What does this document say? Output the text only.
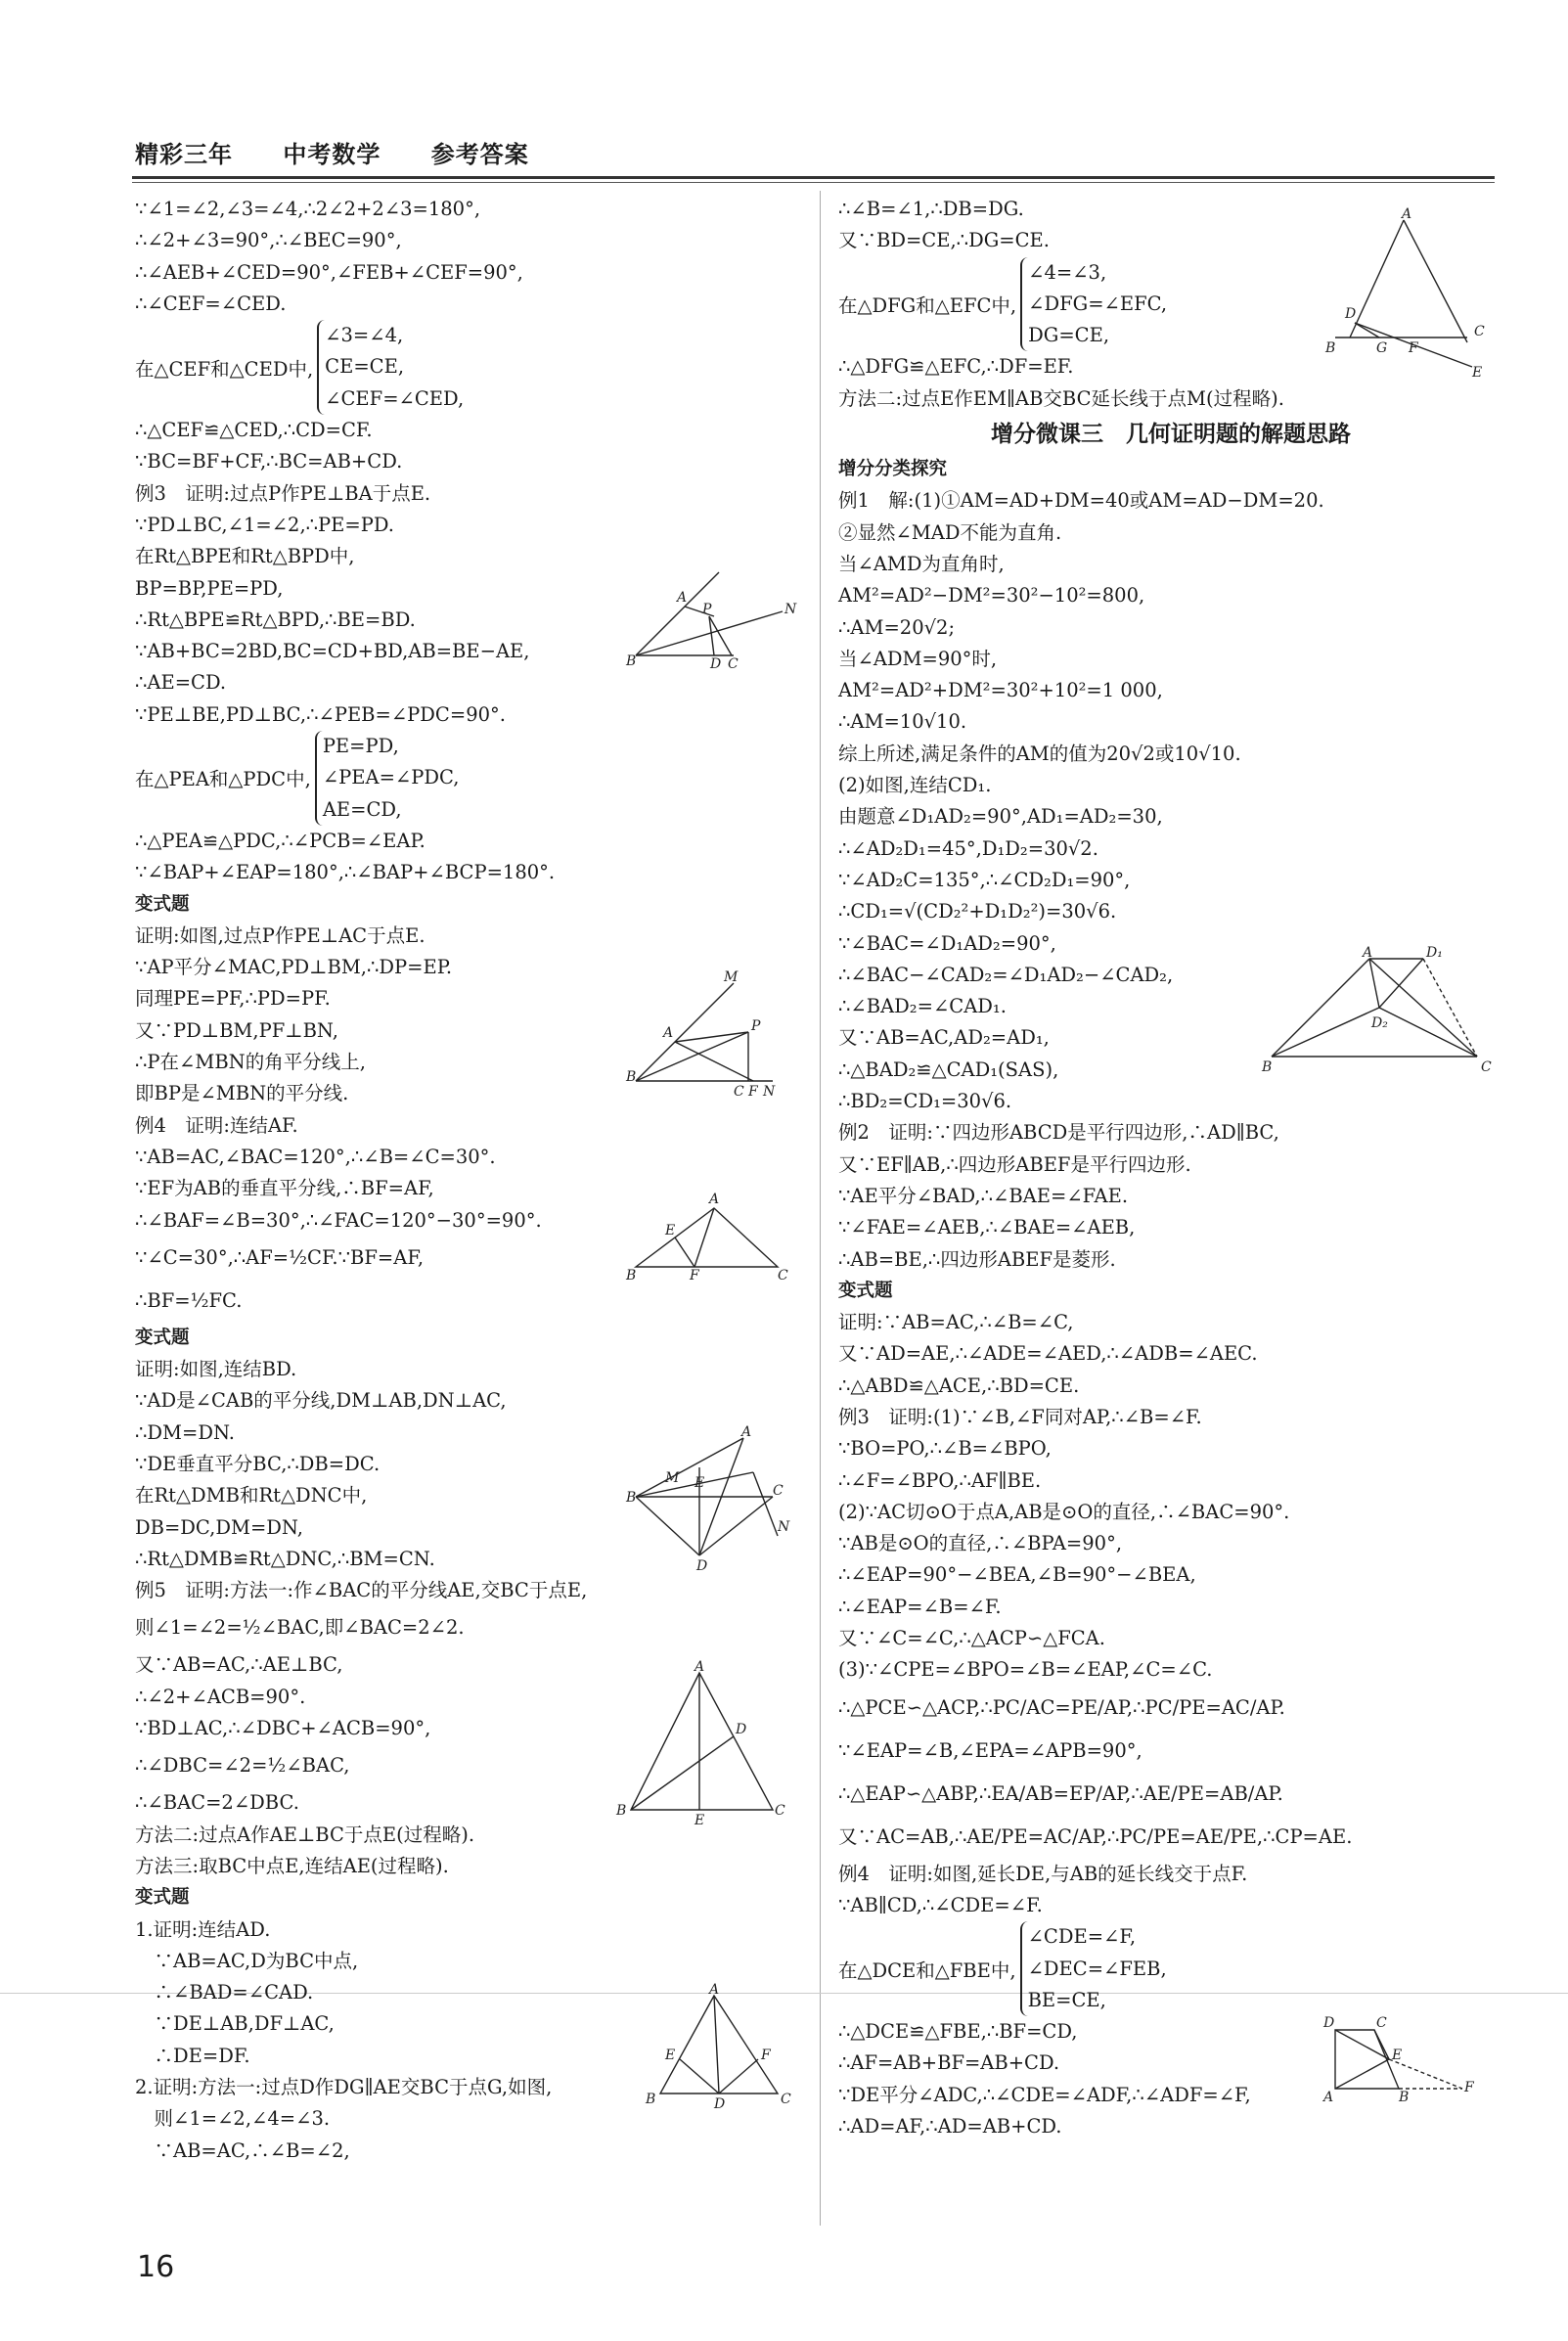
精彩三年 中考数学 参考答案
∵∠1=∠2,∠3=∠4,∴2∠2+2∠3=180°,
∴∠2+∠3=90°,∴∠BEC=90°,
∴∠AEB+∠CED=90°,∠FEB+∠CEF=90°,
∴∠CEF=∠CED.
在△CEF和△CED中,
∠3=∠4,
CE=CE,
∠CEF=∠CED,
∴△CEF≌△CED,∴CD=CF.
∵BC=BF+CF,∴BC=AB+CD.
例3　证明:过点P作PE⊥BA于点E.
∵PD⊥BC,∠1=∠2,∴PE=PD.
在Rt△BPE和Rt△BPD中,
BP=BP,PE=PD,
∴Rt△BPE≌Rt△BPD,∴BE=BD.
∵AB+BC=2BD,BC=CD+BD,AB=BE−AE,
∴AE=CD.
∵PE⊥BE,PD⊥BC,∴∠PEB=∠PDC=90°.
在△PEA和△PDC中,
PE=PD,
∠PEA=∠PDC,
AE=CD,
∴△PEA≌△PDC,∴∠PCB=∠EAP.
∵∠BAP+∠EAP=180°,∴∠BAP+∠BCP=180°.
变式题
证明:如图,过点P作PE⊥AC于点E.
∵AP平分∠MAC,PD⊥BM,∴DP=EP.
同理PE=PF,∴PD=PF.
又∵PD⊥BM,PF⊥BN,
∴P在∠MBN的角平分线上,
即BP是∠MBN的平分线.
例4　证明:连结AF.
∵AB=AC,∠BAC=120°,∴∠B=∠C=30°.
∵EF为AB的垂直平分线,∴BF=AF,
∴∠BAF=∠B=30°,∴∠FAC=120°−30°=90°.
∵∠C=30°,∴AF=½CF.∵BF=AF,
∴BF=½FC.
变式题
证明:如图,连结BD.
∵AD是∠CAB的平分线,DM⊥AB,DN⊥AC,
∴DM=DN.
∵DE垂直平分BC,∴DB=DC.
在Rt△DMB和Rt△DNC中,
DB=DC,DM=DN,
∴Rt△DMB≌Rt△DNC,∴BM=CN.
例5　证明:方法一:作∠BAC的平分线AE,交BC于点E,
则∠1=∠2=½∠BAC,即∠BAC=2∠2.
又∵AB=AC,∴AE⊥BC,
∴∠2+∠ACB=90°.
∵BD⊥AC,∴∠DBC+∠ACB=90°,
∴∠DBC=∠2=½∠BAC,
∴∠BAC=2∠DBC.
方法二:过点A作AE⊥BC于点E(过程略).
方法三:取BC中点E,连结AE(过程略).
变式题
1.证明:连结AD.
　∵AB=AC,D为BC中点,
　∴∠BAD=∠CAD.
　∵DE⊥AB,DF⊥AC,
　∴DE=DF.
2.证明:方法一:过点D作DG∥AE交BC于点G,如图,
　则∠1=∠2,∠4=∠3.
　∵AB=AC,∴∠B=∠2,
∴∠B=∠1,∴DB=DG.
又∵BD=CE,∴DG=CE.
在△DFG和△EFC中,
∠4=∠3,
∠DFG=∠EFC,
DG=CE,
∴△DFG≌△EFC,∴DF=EF.
方法二:过点E作EM∥AB交BC延长线于点M(过程略).
增分微课三　几何证明题的解题思路
增分分类探究
例1　解:(1)①AM=AD+DM=40或AM=AD−DM=20.
②显然∠MAD不能为直角.
当∠AMD为直角时,
AM²=AD²−DM²=30²−10²=800,
∴AM=20√2;
当∠ADM=90°时,
AM²=AD²+DM²=30²+10²=1 000,
∴AM=10√10.
综上所述,满足条件的AM的值为20√2或10√10.
(2)如图,连结CD₁.
由题意∠D₁AD₂=90°,AD₁=AD₂=30,
∴∠AD₂D₁=45°,D₁D₂=30√2.
∵∠AD₂C=135°,∴∠CD₂D₁=90°,
∴CD₁=√(CD₂²+D₁D₂²)=30√6.
∵∠BAC=∠D₁AD₂=90°,
∴∠BAC−∠CAD₂=∠D₁AD₂−∠CAD₂,
∴∠BAD₂=∠CAD₁.
又∵AB=AC,AD₂=AD₁,
∴△BAD₂≌△CAD₁(SAS),
∴BD₂=CD₁=30√6.
例2　证明:∵四边形ABCD是平行四边形,∴AD∥BC,
又∵EF∥AB,∴四边形ABEF是平行四边形.
∵AE平分∠BAD,∴∠BAE=∠FAE.
∵∠FAE=∠AEB,∴∠BAE=∠AEB,
∴AB=BE,∴四边形ABEF是菱形.
变式题
证明:∵AB=AC,∴∠B=∠C,
又∵AD=AE,∴∠ADE=∠AED,∴∠ADB=∠AEC.
∴△ABD≌△ACE,∴BD=CE.
例3　证明:(1)∵∠B,∠F同对AP,∴∠B=∠F.
∵BO=PO,∴∠B=∠BPO,
∴∠F=∠BPO,∴AF∥BE.
(2)∵AC切⊙O于点A,AB是⊙O的直径,∴∠BAC=90°.
∵AB是⊙O的直径,∴∠BPA=90°,
∴∠EAP=90°−∠BEA,∠B=90°−∠BEA,
∴∠EAP=∠B=∠F.
又∵∠C=∠C,∴△ACP∽△FCA.
(3)∵∠CPE=∠BPO=∠B=∠EAP,∠C=∠C.
∴△PCE∽△ACP,∴PC/AC=PE/AP,∴PC/PE=AC/AP.
∵∠EAP=∠B,∠EPA=∠APB=90°,
∴△EAP∽△ABP,∴EA/AB=EP/AP,∴AE/PE=AB/AP.
又∵AC=AB,∴AE/PE=AC/AP,∴PC/PE=AE/PE,∴CP=AE.
例4　证明:如图,延长DE,与AB的延长线交于点F.
∵AB∥CD,∴∠CDE=∠F.
在△DCE和△FBE中,
∠CDE=∠F,
∠DEC=∠FEB,
BE=CE,
∴△DCE≌△FBE,∴BF=CD,
∴AF=AB+BF=AB+CD.
∵DE平分∠ADC,∴∠CDE=∠ADF,∴∠ADF=∠F,
∴AD=AF,∴AD=AB+CD.
B
A
P	N
D C
B
M
A	P
C F N
B
A
E
F	C
B
A
M E	C
N
D
A
B	C
E
D
A
B	C
D
E	F
A
B
D
G F
C
E
A	D₁
D₂
B	C
D	C
E
A	B
F
16
